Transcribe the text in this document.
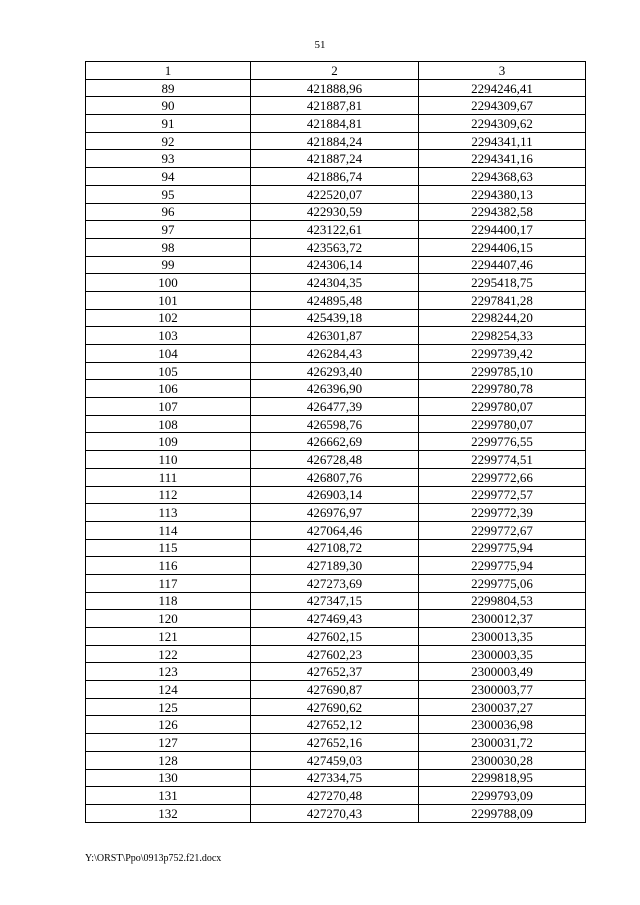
51
1	2	3
89	421888,96	2294246,41
90	421887,81	2294309,67
91	421884,81	2294309,62
92	421884,24	2294341,11
93	421887,24	2294341,16
94	421886,74	2294368,63
95	422520,07	2294380,13
96	422930,59	2294382,58
97	423122,61	2294400,17
98	423563,72	2294406,15
99	424306,14	2294407,46
100	424304,35	2295418,75
101	424895,48	2297841,28
102	425439,18	2298244,20
103	426301,87	2298254,33
104	426284,43	2299739,42
105	426293,40	2299785,10
106	426396,90	2299780,78
107	426477,39	2299780,07
108	426598,76	2299780,07
109	426662,69	2299776,55
110	426728,48	2299774,51
111	426807,76	2299772,66
112	426903,14	2299772,57
113	426976,97	2299772,39
114	427064,46	2299772,67
115	427108,72	2299775,94
116	427189,30	2299775,94
117	427273,69	2299775,06
118	427347,15	2299804,53
120	427469,43	2300012,37
121	427602,15	2300013,35
122	427602,23	2300003,35
123	427652,37	2300003,49
124	427690,87	2300003,77
125	427690,62	2300037,27
126	427652,12	2300036,98
127	427652,16	2300031,72
128	427459,03	2300030,28
130	427334,75	2299818,95
131	427270,48	2299793,09
132	427270,43	2299788,09
Y:\ORST\Ppo\0913p752.f21.docx
